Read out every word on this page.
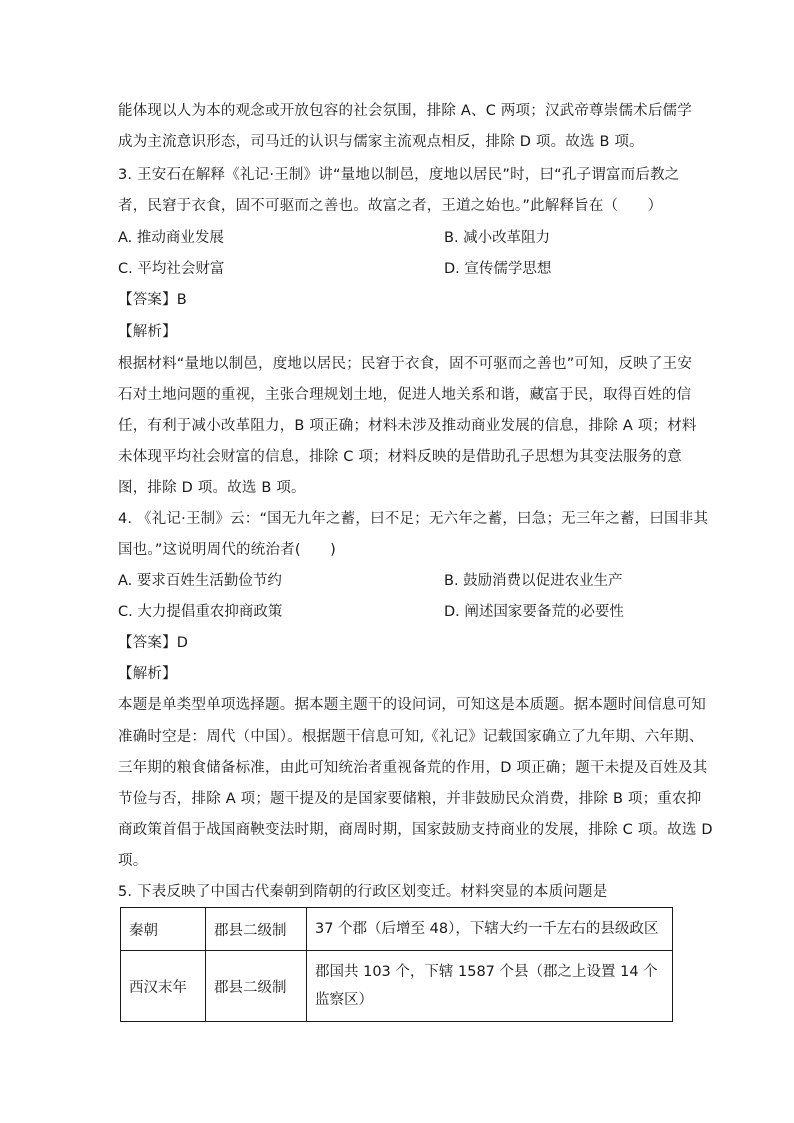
能体现以人为本的观念或开放包容的社会氛围，排除 A、C 两项；汉武帝尊崇儒术后儒学
成为主流意识形态，司马迁的认识与儒家主流观点相反，排除 D 项。故选 B 项。
3. 王安石在解释《礼记·王制》讲“量地以制邑，度地以居民”时，曰“孔子谓富而后教之
者，民窘于衣食，固不可驱而之善也。故富之者，王道之始也。”此解释旨在（　　）
A. 推动商业发展	B. 减小改革阻力
C. 平均社会财富	D. 宣传儒学思想
【答案】B
【解析】
根据材料“量地以制邑，度地以居民；民窘于衣食，固不可驱而之善也”可知，反映了王安
石对土地问题的重视，主张合理规划土地，促进人地关系和谐，藏富于民，取得百姓的信
任，有利于减小改革阻力，B 项正确；材料未涉及推动商业发展的信息，排除 A 项；材料
未体现平均社会财富的信息，排除 C 项；材料反映的是借助孔子思想为其变法服务的意
图，排除 D 项。故选 B 项。
4. 《礼记·王制》云：“国无九年之蓄，曰不足；无六年之蓄，曰急；无三年之蓄，曰国非其
国也。”这说明周代的统治者(　　)
A. 要求百姓生活勤俭节约	B. 鼓励消费以促进农业生产
C. 大力提倡重农抑商政策	D. 阐述国家要备荒的必要性
【答案】D
【解析】
本题是单类型单项选择题。据本题主题干的设问词，可知这是本质题。据本题时间信息可知
准确时空是：周代（中国）。根据题干信息可知,《礼记》记载国家确立了九年期、六年期、
三年期的粮食储备标准，由此可知统治者重视备荒的作用，D 项正确；题干未提及百姓及其
节俭与否，排除 A 项；题干提及的是国家要储粮，并非鼓励民众消费，排除 B 项；重农抑
商政策首倡于战国商鞅变法时期，商周时期，国家鼓励支持商业的发展，排除 C 项。故选 D
项。
5. 下表反映了中国古代秦朝到隋朝的行政区划变迁。材料突显的本质问题是
秦朝	郡县二级制	37 个郡（后增至 48），下辖大约一千左右的县级政区
西汉末年	郡县二级制	郡国共 103 个，下辖 1587 个县（郡之上设置 14 个监察区）
